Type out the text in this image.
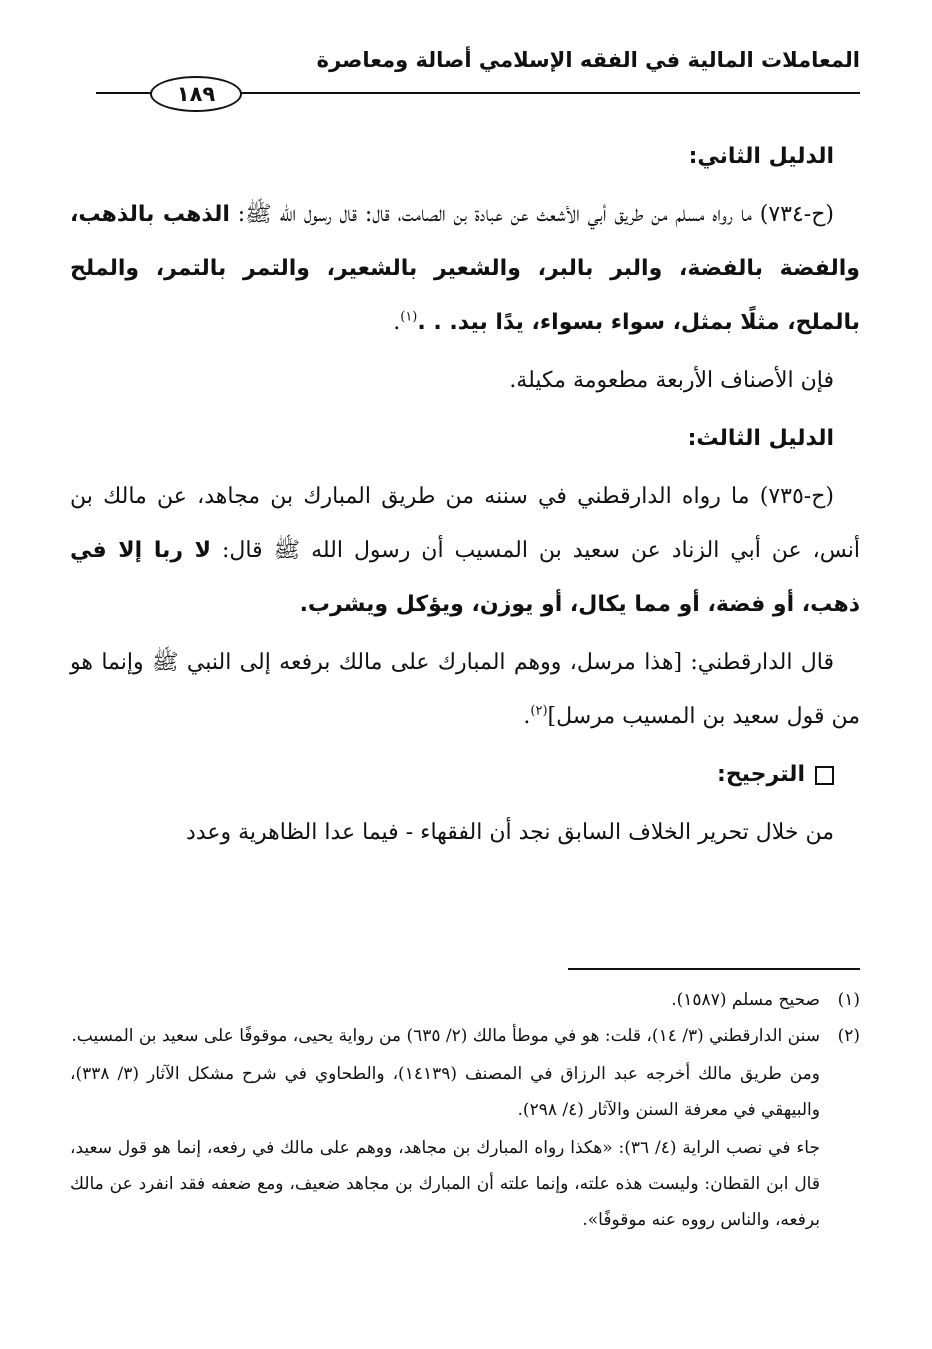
المعاملات المالية في الفقه الإسلامي أصالة ومعاصرة
١٨٩

الدليل الثاني:

(ح-٧٣٤) ما رواه مسلم من طريق أبي الأشعث عن عبادة بن الصامت، قال: قال رسول الله ﷺ: الذهب بالذهب، والفضة بالفضة، والبر بالبر، والشعير بالشعير، والتمر بالتمر، والملح بالملح، مثلًا بمثل، سواء بسواء، يدًا بيد. . .$^{(١)}$.

فإن الأصناف الأربعة مطعومة مكيلة.

الدليل الثالث:

(ح-٧٣٥) ما رواه الدارقطني في سننه من طريق المبارك بن مجاهد، عن مالك بن أنس، عن أبي الزناد عن سعيد بن المسيب أن رسول الله ﷺ قال: لا ربا إلا في ذهب، أو فضة، أو مما يكال، أو يوزن، ويؤكل ويشرب.

قال الدارقطني: [هذا مرسل، ووهم المبارك على مالك برفعه إلى النبي ﷺ وإنما هو من قول سعيد بن المسيب مرسل]$^{(٢)}$.

الترجيح:

من خلال تحرير الخلاف السابق نجد أن الفقهاء - فيما عدا الظاهرية وعدد

(١)
صحيح مسلم (١٥٨٧).
(٢)
سنن الدارقطني (٣/ ١٤)، قلت: هو في موطأ مالك (٢/ ٦٣٥) من رواية يحيى، موقوفًا على سعيد بن المسيب.

ومن طريق مالك أخرجه عبد الرزاق في المصنف (١٤١٣٩)، والطحاوي في شرح مشكل الآثار (٣/ ٣٣٨)، والبيهقي في معرفة السنن والآثار (٤/ ٢٩٨).

جاء في نصب الراية (٤/ ٣٦): «هكذا رواه المبارك بن مجاهد، ووهم على مالك في رفعه، إنما هو قول سعيد، قال ابن القطان: وليست هذه علته، وإنما علته أن المبارك بن مجاهد ضعيف، ومع ضعفه فقد انفرد عن مالك برفعه، والناس رووه عنه موقوفًا».
